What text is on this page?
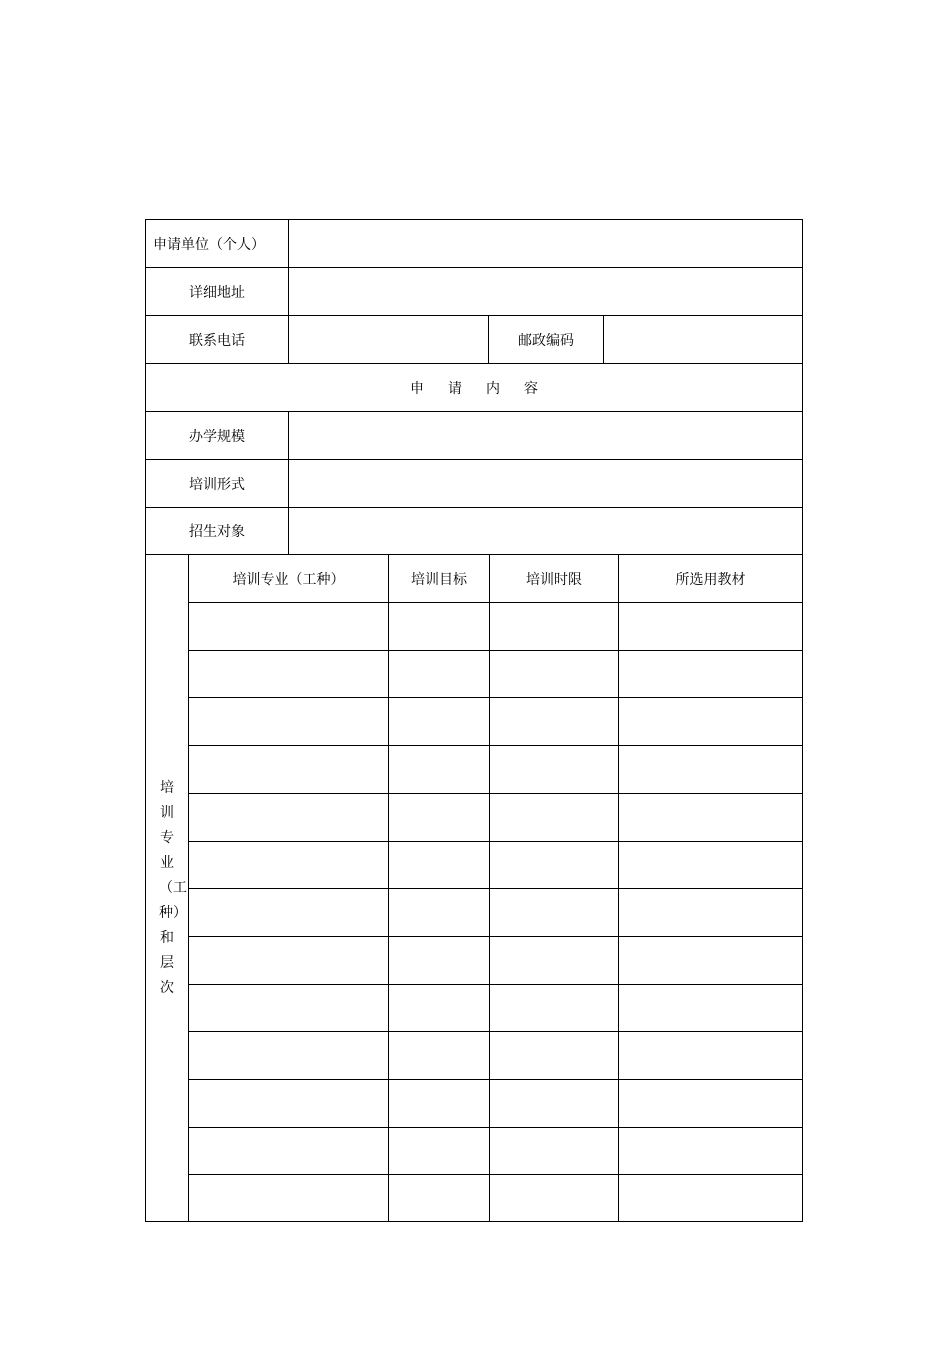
申请单位（个人）
详细地址
联系电话	邮政编码
申请内容
办学规模
培训形式
招生对象
培训专业（工种）和层次
培训专业（工种）	培训目标	培训时限	所选用教材
